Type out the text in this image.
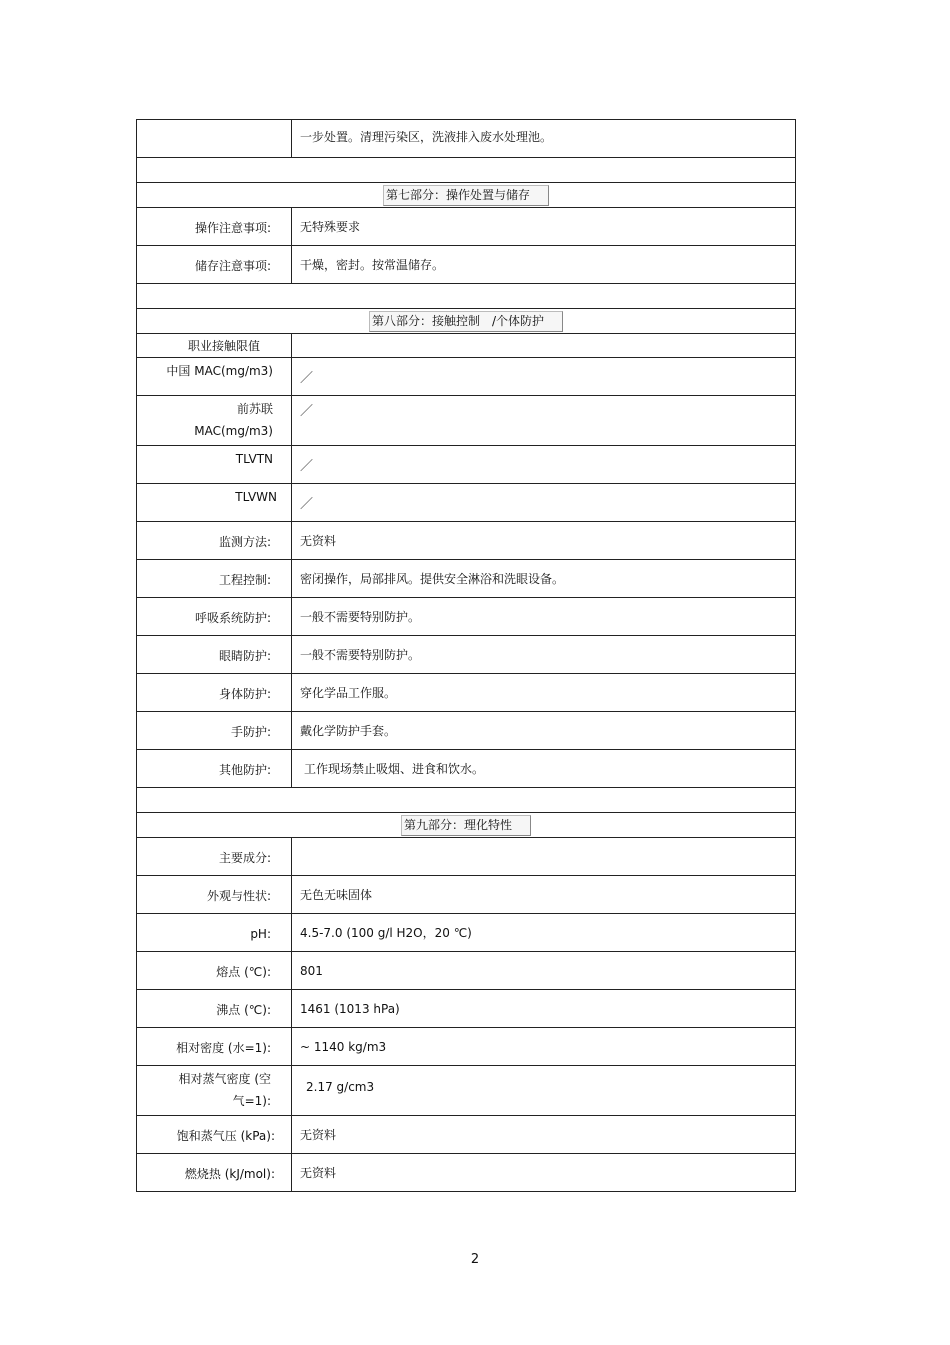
	一步处置。清理污染区，洗液排入废水处理池。

第七部分：操作处置与储存	
操作注意事项:	无特殊要求
储存注意事项:	干燥，密封。按常温储存。

第八部分：接触控制　/个体防护	
职业接触限值	
中国 MAC(mg/m3)	／

前苏联
MAC(mg/m3)	／
TLVTN	／
TLVWN	／
监测方法:	无资料
工程控制:	密闭操作，局部排风。提供安全淋浴和洗眼设备。
呼吸系统防护:	一般不需要特别防护。
眼睛防护:	一般不需要特别防护。
身体防护:	穿化学品工作服。
手防护:	戴化学防护手套。
其他防护:	工作现场禁止吸烟、进食和饮水。

第九部分：理化特性	
主要成分:	
外观与性状:	无色无味固体
pH:	4.5-7.0 (100 g/l H2O，20 ℃)
熔点 (℃):	801
沸点 (℃):	1461 (1013 hPa)
相对密度 (水=1):	~ 1140 kg/m3

相对蒸气密度 (空
气=1):	2.17 g/cm3
饱和蒸气压 (kPa):	无资料
燃烧热 (kJ/mol):	无资料
2
